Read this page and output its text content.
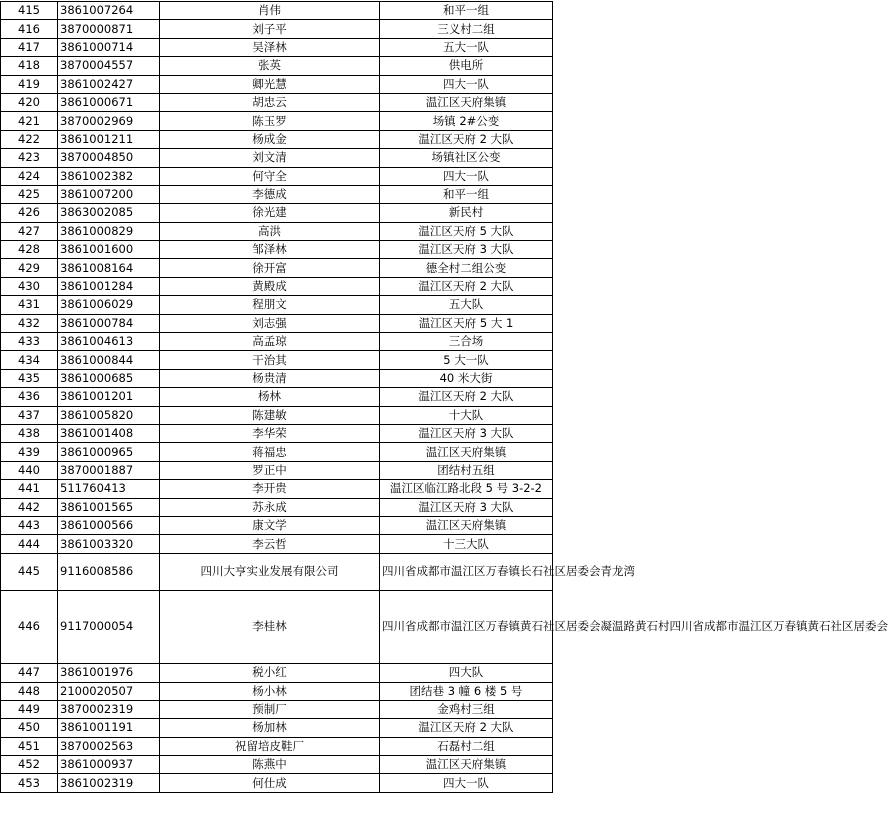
415	3861007264	肖伟	和平一组
416	3870000871	刘子平	三义村二组
417	3861000714	吴泽林	五大一队
418	3870004557	张英	供电所
419	3861002427	卿光慧	四大一队
420	3861000671	胡忠云	温江区天府集镇
421	3870002969	陈玉罗	场镇 2#公变
422	3861001211	杨成金	温江区天府 2 大队
423	3870004850	刘文清	场镇社区公变
424	3861002382	何守全	四大一队
425	3861007200	李德成	和平一组
426	3863002085	徐光建	新民村
427	3861000829	高洪	温江区天府 5 大队
428	3861001600	邹泽林	温江区天府 3 大队
429	3861008164	徐开富	德全村二组公变
430	3861001284	黄殿成	温江区天府 2 大队
431	3861006029	程朋文	五大队
432	3861000784	刘志强	温江区天府 5 大 1
433	3861004613	高孟琼	三合场
434	3861000844	干治其	5 大一队
435	3861000685	杨贵清	40 米大街
436	3861001201	杨林	温江区天府 2 大队
437	3861005820	陈建敏	十大队
438	3861001408	李华荣	温江区天府 3 大队
439	3861000965	蒋福忠	温江区天府集镇
440	3870001887	罗正中	团结村五组
441	511760413	李开贵	温江区临江路北段 5 号 3-2-2
442	3861001565	苏永成	温江区天府 3 大队
443	3861000566	康文学	温江区天府集镇
444	3861003320	李云哲	十三大队
445	9116008586	四川大亨实业发展有限公司	四川省成都市温江区万春镇长石社区居委会青龙湾
446	9117000054	李桂林	四川省成都市温江区万春镇黄石社区居委会凝温路黄石村四川省成都市温江区万春镇黄石社区居委会
447	3861001976	税小红	四大队
448	2100020507	杨小林	团结巷 3 幢 6 楼 5 号
449	3870002319	预制厂	金鸡村三组
450	3861001191	杨加林	温江区天府 2 大队
451	3870002563	祝留培皮鞋厂	石磊村二组
452	3861000937	陈燕中	温江区天府集镇
453	3861002319	何仕成	四大一队
